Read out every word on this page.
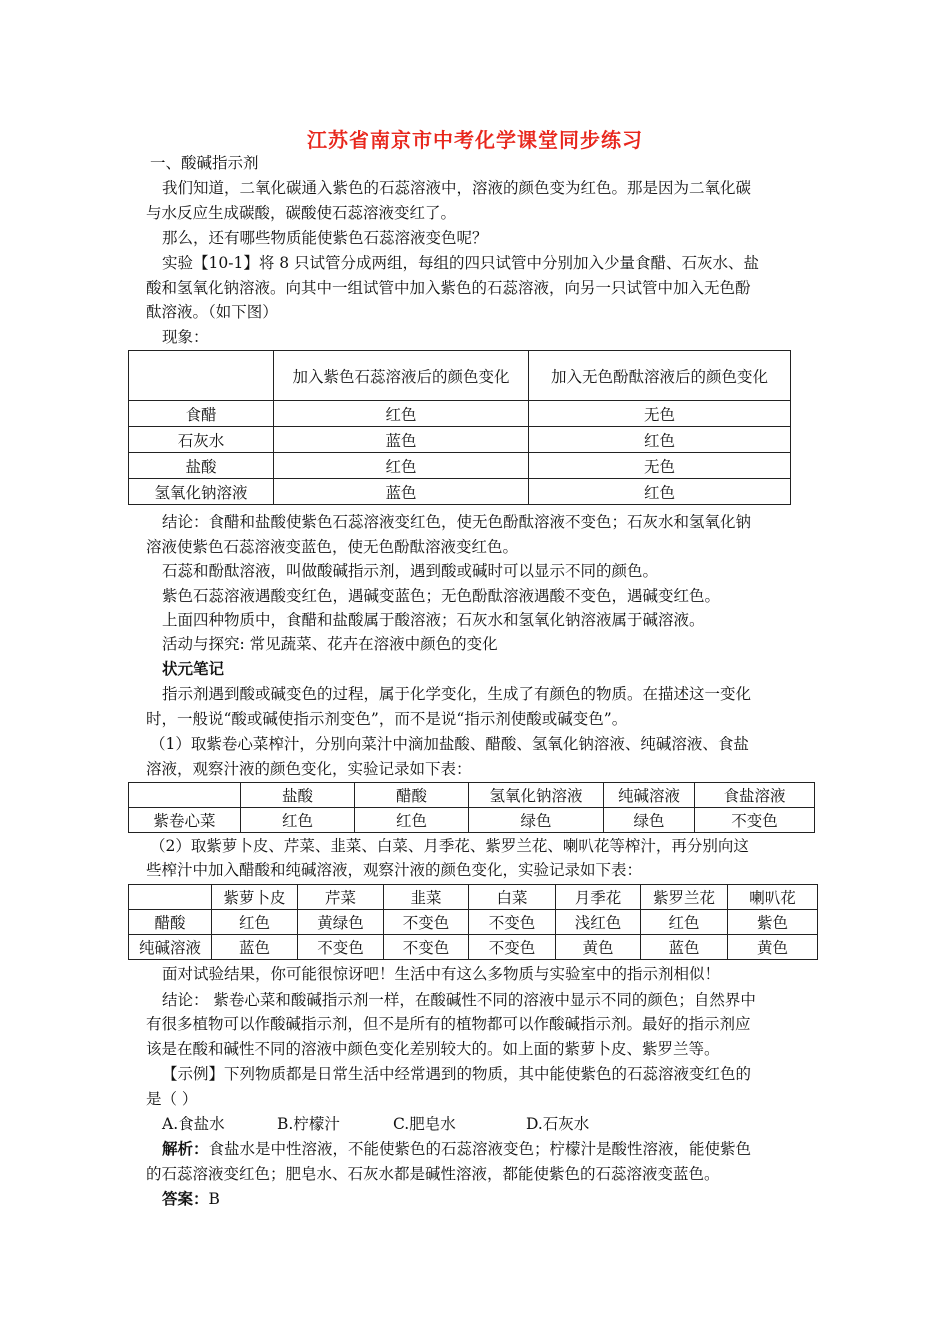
江苏省南京市中考化学课堂同步练习
一、酸碱指示剂
我们知道，二氧化碳通入紫色的石蕊溶液中，溶液的颜色变为红色。那是因为二氧化碳
与水反应生成碳酸，碳酸使石蕊溶液变红了。
那么，还有哪些物质能使紫色石蕊溶液变色呢？
实验【10-1】将 8 只试管分成两组，每组的四只试管中分别加入少量食醋、石灰水、盐
酸和氢氧化钠溶液。向其中一组试管中加入紫色的石蕊溶液，向另一只试管中加入无色酚
酞溶液。（如下图）
现象：
	加入紫色石蕊溶液后的颜色变化	加入无色酚酞溶液后的颜色变化
食醋	红色	无色
石灰水	蓝色	红色
盐酸	红色	无色
氢氧化钠溶液	蓝色	红色
结论：食醋和盐酸使紫色石蕊溶液变红色，使无色酚酞溶液不变色；石灰水和氢氧化钠
溶液使紫色石蕊溶液变蓝色，使无色酚酞溶液变红色。
石蕊和酚酞溶液，叫做酸碱指示剂，遇到酸或碱时可以显示不同的颜色。
紫色石蕊溶液遇酸变红色，遇碱变蓝色；无色酚酞溶液遇酸不变色，遇碱变红色。
上面四种物质中，食醋和盐酸属于酸溶液；石灰水和氢氧化钠溶液属于碱溶液。
活动与探究: 常见蔬菜、花卉在溶液中颜色的变化
状元笔记
指示剂遇到酸或碱变色的过程，属于化学变化，生成了有颜色的物质。在描述这一变化
时，一般说“酸或碱使指示剂变色”，而不是说“指示剂使酸或碱变色”。
（1）取紫卷心菜榨汁，分别向菜汁中滴加盐酸、醋酸、氢氧化钠溶液、纯碱溶液、食盐
溶液，观察汁液的颜色变化，实验记录如下表：
	盐酸	醋酸	氢氧化钠溶液	纯碱溶液	食盐溶液
紫卷心菜	红色	红色	绿色	绿色	不变色
（2）取紫萝卜皮、芹菜、韭菜、白菜、月季花、紫罗兰花、喇叭花等榨汁，再分别向这
些榨汁中加入醋酸和纯碱溶液，观察汁液的颜色变化，实验记录如下表：
	紫萝卜皮	芹菜	韭菜	白菜	月季花	紫罗兰花	喇叭花
醋酸	红色	黄绿色	不变色	不变色	浅红色	红色	紫色
纯碱溶液	蓝色	不变色	不变色	不变色	黄色	蓝色	黄色
面对试验结果，你可能很惊讶吧！生活中有这么多物质与实验室中的指示剂相似！
结论： 紫卷心菜和酸碱指示剂一样，在酸碱性不同的溶液中显示不同的颜色；自然界中
有很多植物可以作酸碱指示剂，但不是所有的植物都可以作酸碱指示剂。最好的指示剂应
该是在酸和碱性不同的溶液中颜色变化差别较大的。如上面的紫萝卜皮、紫罗兰等。
【示例】下列物质都是日常生活中经常遇到的物质，其中能使紫色的石蕊溶液变红色的
是（ ）
A.食盐水	B.柠檬汁	C.肥皂水	D.石灰水
解析：食盐水是中性溶液，不能使紫色的石蕊溶液变色；柠檬汁是酸性溶液，能使紫色
的石蕊溶液变红色；肥皂水、石灰水都是碱性溶液，都能使紫色的石蕊溶液变蓝色。
答案：B
